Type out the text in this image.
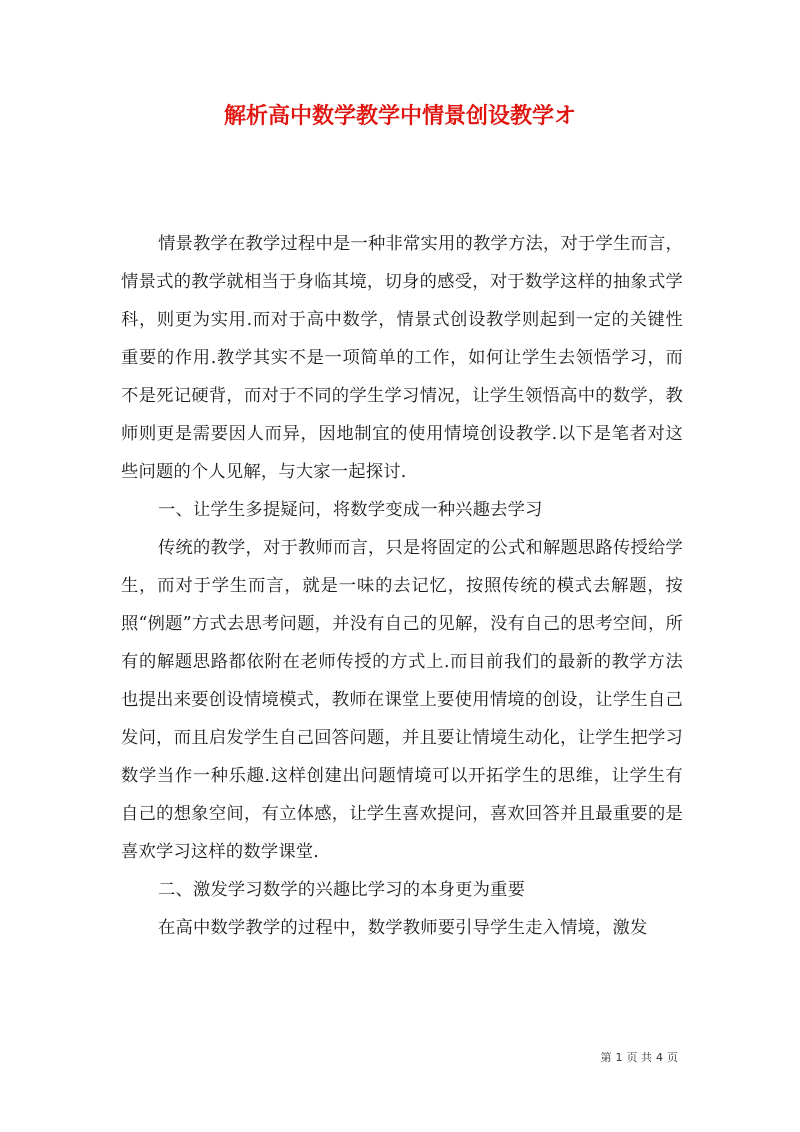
解析高中数学教学中情景创设教学オ

情景教学在教学过程中是一种非常实用的教学方法，对于学生而言，情景式的教学就相当于身临其境，切身的感受，对于数学这样的抽象式学科，则更为实用.而对于高中数学，情景式创设教学则起到一定的关键性重要的作用.教学其实不是一项简单的工作，如何让学生去领悟学习，而不是死记硬背，而对于不同的学生学习情况，让学生领悟高中的数学，教师则更是需要因人而异，因地制宜的使用情境创设教学.以下是笔者对这些问题的个人见解，与大家一起探讨.

一、让学生多提疑问，将数学变成一种兴趣去学习

传统的教学，对于教师而言，只是将固定的公式和解题思路传授给学生，而对于学生而言，就是一味的去记忆，按照传统的模式去解题，按照“例题”方式去思考问题，并没有自己的见解，没有自己的思考空间，所有的解题思路都依附在老师传授的方式上.而目前我们的最新的教学方法也提出来要创设情境模式，教师在课堂上要使用情境的创设，让学生自己发问，而且启发学生自己回答问题，并且要让情境生动化，让学生把学习数学当作一种乐趣.这样创建出问题情境可以开拓学生的思维，让学生有自己的想象空间，有立体感，让学生喜欢提问，喜欢回答并且最重要的是喜欢学习这样的数学课堂.

二、激发学习数学的兴趣比学习的本身更为重要

在高中数学教学的过程中，数学教师要引导学生走入情境，激发

第 1 页 共 4 页
